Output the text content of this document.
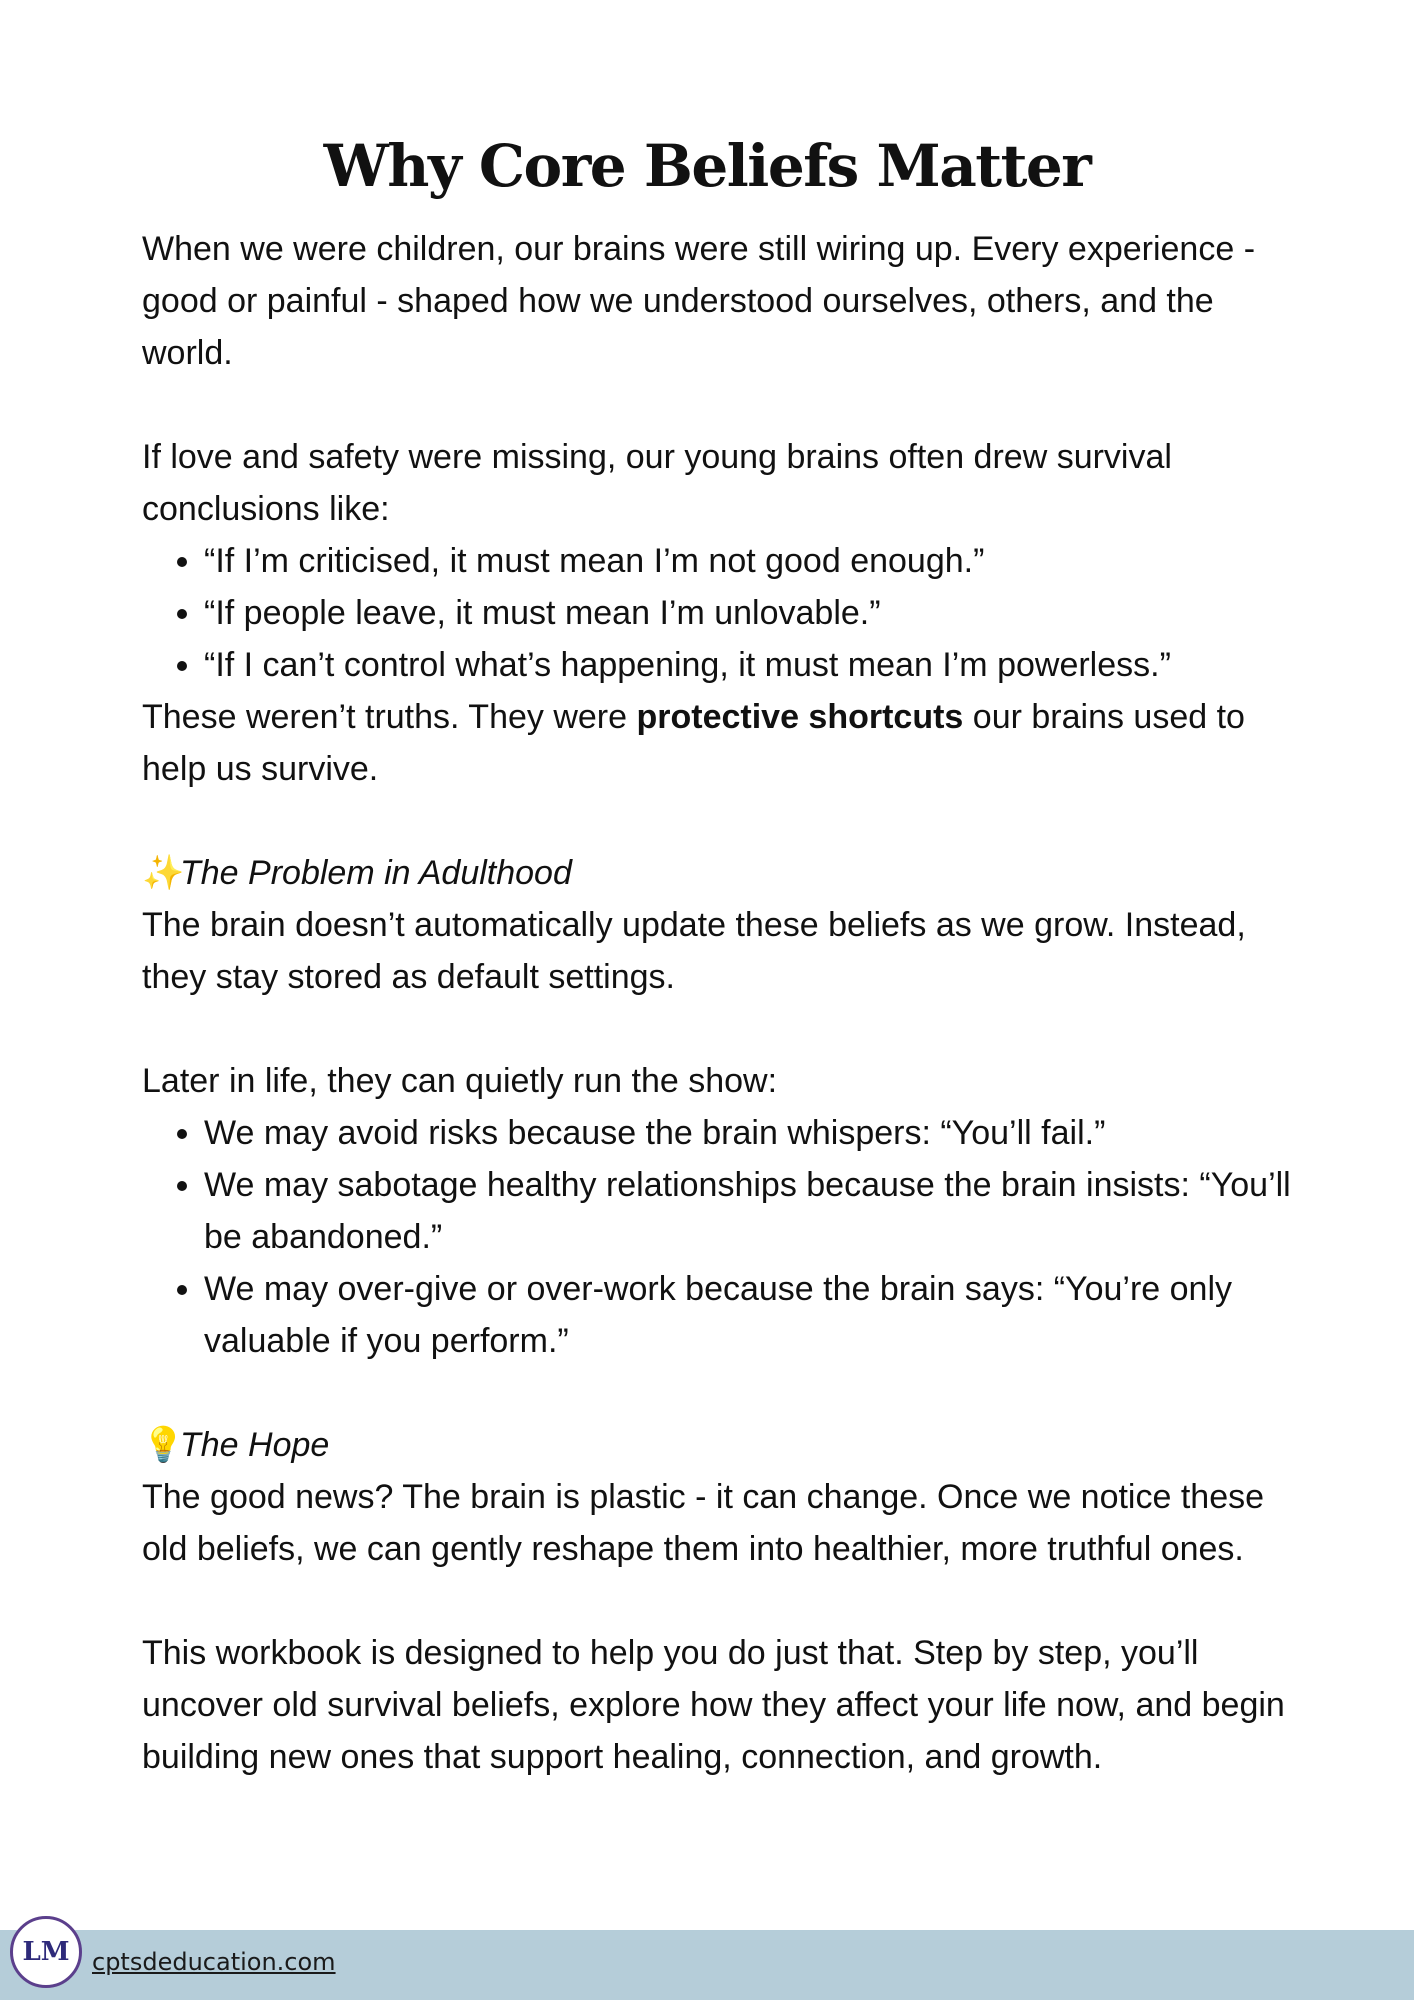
Why Core Beliefs Matter

When we were children, our brains were still wiring up. Every experience - good or painful - shaped how we understood ourselves, others, and the world.

If love and safety were missing, our young brains often drew survival conclusions like:

• “If I’m criticised, it must mean I’m not good enough.”
• “If people leave, it must mean I’m unlovable.”
• “If I can’t control what’s happening, it must mean I’m powerless.”

These weren’t truths. They were protective shortcuts our brains used to help us survive.

✨The Problem in Adulthood

The brain doesn’t automatically update these beliefs as we grow. Instead, they stay stored as default settings.

Later in life, they can quietly run the show:

• We may avoid risks because the brain whispers: “You’ll fail.”
• We may sabotage healthy relationships because the brain insists: “You’ll be abandoned.”
• We may over-give or over-work because the brain says: “You’re only valuable if you perform.”

💡The Hope

The good news? The brain is plastic - it can change. Once we notice these old beliefs, we can gently reshape them into healthier, more truthful ones.

This workbook is designed to help you do just that. Step by step, you’ll uncover old survival beliefs, explore how they affect your life now, and begin building new ones that support healing, connection, and growth.

LM cptsdeducation.com
